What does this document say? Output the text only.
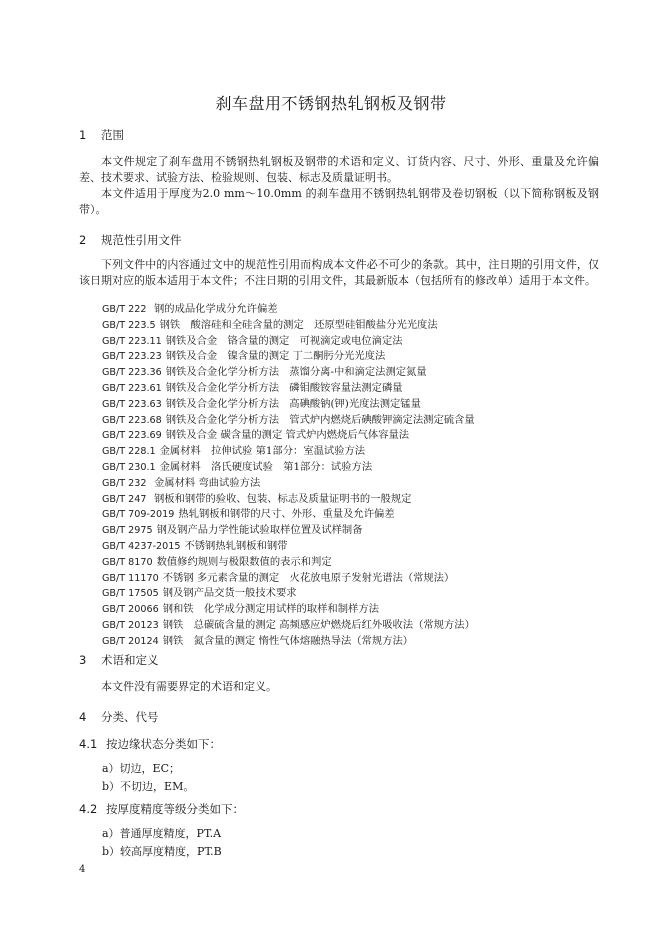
刹车盘用不锈钢热轧钢板及钢带
1 范围
本文件规定了刹车盘用不锈钢热轧钢板及钢带的术语和定义、订货内容、尺寸、外形、重量及允许偏差、技术要求、试验方法、检验规则、包装、标志及质量证明书。
本文件适用于厚度为2.0 mm～10.0mm 的刹车盘用不锈钢热轧钢带及卷切钢板（以下简称钢板及钢带）。
2 规范性引用文件
下列文件中的内容通过文中的规范性引用而构成本文件必不可少的条款。其中，注日期的引用文件，仅该日期对应的版本适用于本文件；不注日期的引用文件，其最新版本（包括所有的修改单）适用于本文件。
GB/T 222 钢的成品化学成分允许偏差
GB/T 223.5 钢铁　酸溶硅和全硅含量的测定　还原型硅钼酸盐分光光度法
GB/T 223.11 钢铁及合金　铬含量的测定　可视滴定或电位滴定法
GB/T 223.23 钢铁及合金　镍含量的测定 丁二酮肟分光光度法
GB/T 223.36 钢铁及合金化学分析方法　蒸馏分离-中和滴定法测定氮量
GB/T 223.61 钢铁及合金化学分析方法　磷钼酸铵容量法测定磷量
GB/T 223.63 钢铁及合金化学分析方法　高碘酸钠(钾)光度法测定锰量
GB/T 223.68 钢铁及合金化学分析方法　管式炉内燃烧后碘酸钾滴定法测定硫含量
GB/T 223.69 钢铁及合金 碳含量的测定 管式炉内燃烧后气体容量法
GB/T 228.1 金属材料　拉伸试验 第1部分：室温试验方法
GB/T 230.1 金属材料　洛氏硬度试验　第1部分：试验方法
GB/T 232 金属材料 弯曲试验方法
GB/T 247 钢板和钢带的验收、包装、标志及质量证明书的一般规定
GB/T 709-2019 热轧钢板和钢带的尺寸、外形、重量及允许偏差
GB/T 2975 钢及钢产品力学性能试验取样位置及试样制备
GB/T 4237-2015 不锈钢热轧钢板和钢带
GB/T 8170 数值修约规则与极限数值的表示和判定
GB/T 11170 不锈钢 多元素含量的测定　火花放电原子发射光谱法（常规法）
GB/T 17505 钢及钢产品交货一般技术要求
GB/T 20066 钢和铁　化学成分测定用试样的取样和制样方法
GB/T 20123 钢铁　总碳硫含量的测定 高频感应炉燃烧后红外吸收法（常规方法）
GB/T 20124 钢铁　氮含量的测定 惰性气体熔融热导法（常规方法）
3 术语和定义
本文件没有需要界定的术语和定义。
4 分类、代号
4.1 按边缘状态分类如下：
a）切边，EC；
b）不切边，EM。
4.2 按厚度精度等级分类如下：
a）普通厚度精度，PT.A
b）较高厚度精度，PT.B
4
